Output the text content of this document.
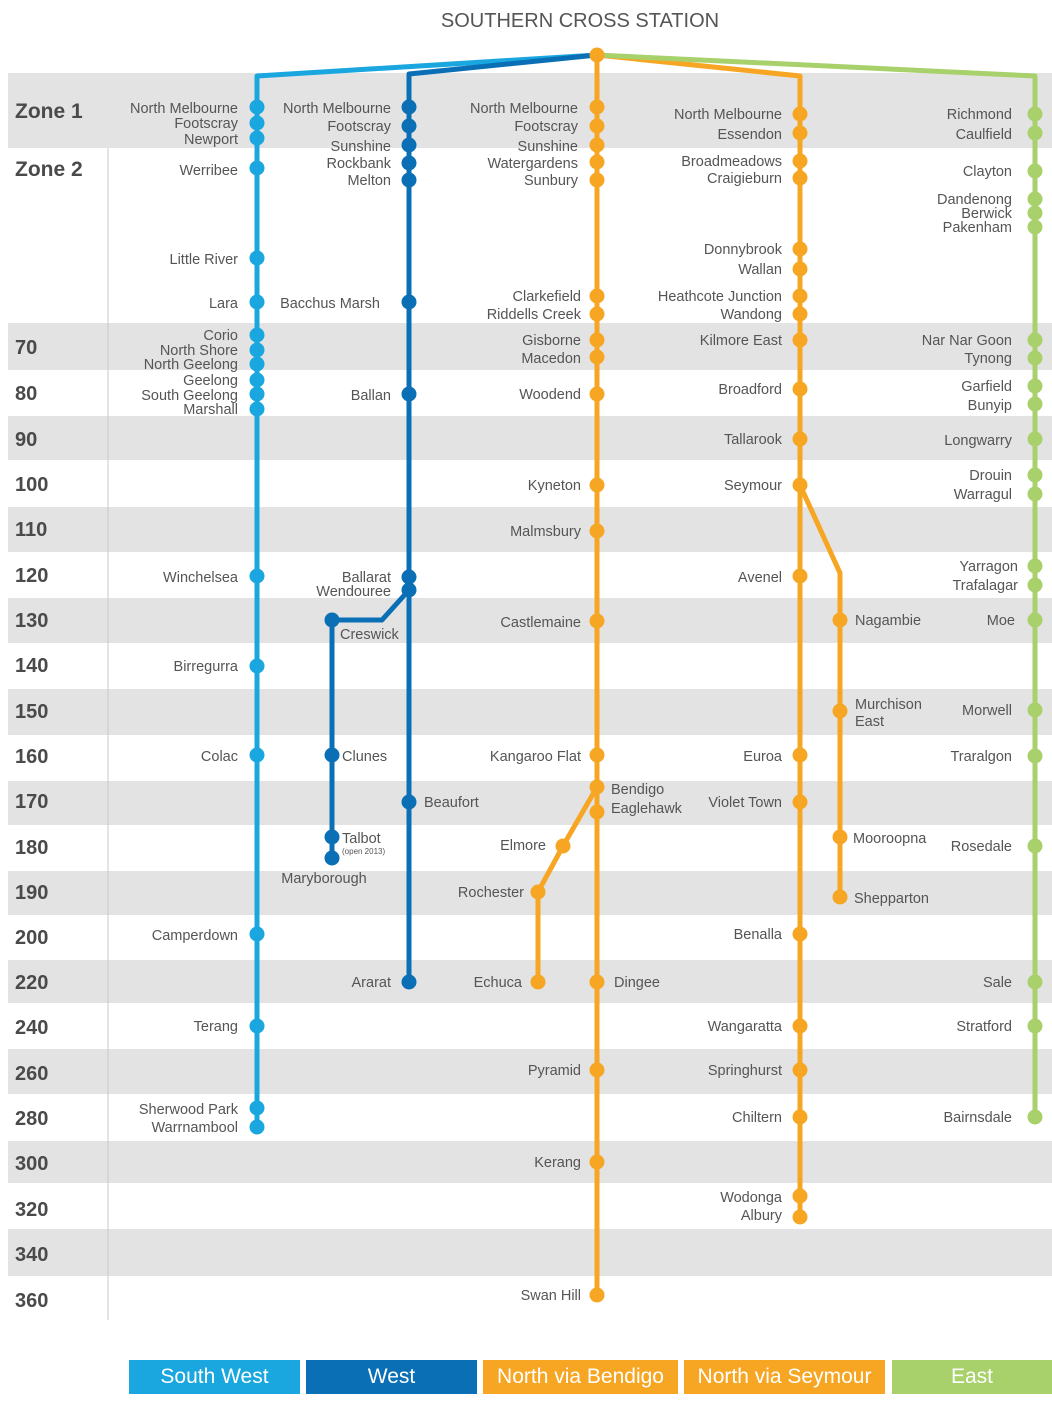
Zone 1
Zone 2
70
80
90
100
110
120
130
140
150
160
170
180
190
200
220
240
260
280
300
320
340
360
SOUTHERN CROSS STATION
North Melbourne
Footscray
Newport
Werribee
Little River
Lara
Corio
North Shore
North Geelong
Geelong
South Geelong
Marshall
Winchelsea
Birregurra
Colac
Camperdown
Terang
Sherwood Park
Warrnambool
North Melbourne
Footscray
Sunshine
Rockbank
Melton
Bacchus Marsh
Ballan
Ballarat
Wendouree
Beaufort
Ararat
Creswick
Clunes
Talbot
(open 2013)
Maryborough
North Melbourne
Footscray
Sunshine
Watergardens
Sunbury
Clarkefield
Riddells Creek
Gisborne
Macedon
Woodend
Kyneton
Malmsbury
Castlemaine
Kangaroo Flat
Bendigo
Eaglehawk
Dingee
Pyramid
Kerang
Swan Hill
Elmore
Rochester
Echuca
North Melbourne
Essendon
Broadmeadows
Craigieburn
Donnybrook
Wallan
Heathcote Junction
Wandong
Kilmore East
Broadford
Tallarook
Seymour
Avenel
Euroa
Violet Town
Benalla
Wangaratta
Springhurst
Chiltern
Wodonga
Albury
Nagambie
Murchison East
Mooroopna
Shepparton
Richmond
Caulfield
Clayton
Dandenong
Berwick
Pakenham
Nar Nar Goon
Tynong
Garfield
Bunyip
Longwarry
Drouin
Warragul
Yarragon
Trafalagar
Moe
Morwell
Traralgon
Rosedale
Sale
Stratford
Bairnsdale
South West	West	North via Bendigo North via Seymour	East
